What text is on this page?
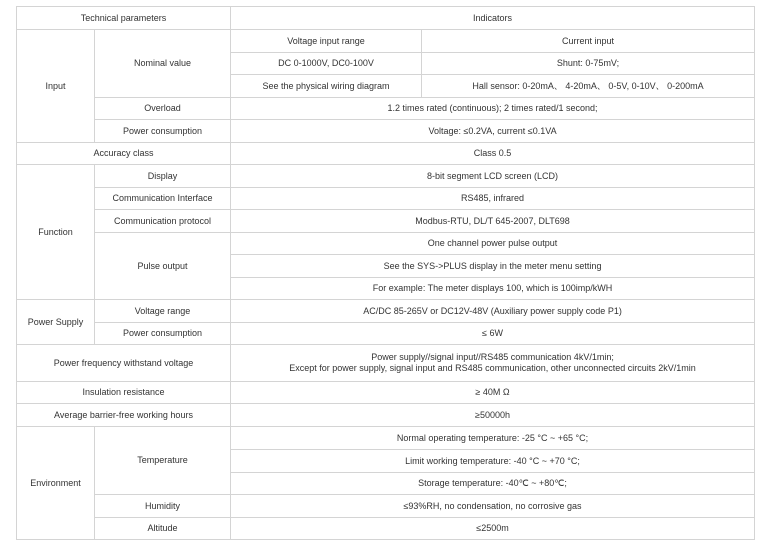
Technical parameters		Indicators	
Input	Nominal value	Voltage input range	Current input
		DC 0-1000V, DC0-100V	Shunt: 0-75mV;
		See the physical wiring diagram	Hall sensor: 0-20mA、 4-20mA、 0-5V, 0-10V、 0-200mA
	Overload	1.2 times rated (continuous); 2 times rated/1 second;	
	Power consumption	Voltage: ≤0.2VA, current ≤0.1VA	
Accuracy class		Class 0.5	
Function	Display	8-bit segment LCD screen (LCD)	
	Communication Interface	RS485, infrared	
	Communication protocol	Modbus-RTU, DL/T 645-2007, DLT698	
	Pulse output	One channel power pulse output	
		See the SYS->PLUS display in the meter menu setting	
		For example: The meter displays 100, which is 100imp/kWH	
Power Supply	Voltage range	AC/DC 85-265V or DC12V-48V (Auxiliary power supply code P1)	
	Power consumption	≤ 6W	
Power frequency withstand voltage		Power supply//signal input//RS485 communication 4kV/1min;
Except for power supply, signal input and RS485 communication, other unconnected circuits 2kV/1min	

Insulation resistance		≥ 40M Ω	
Average barrier-free working hours		≥50000h	
Environment	Temperature	Normal operating temperature: -25 °C ~ +65 °C;	
		Limit working temperature: -40 °C ~ +70 °C;	
		Storage temperature: -40℃ ~ +80℃;	
	Humidity	≤93%RH, no condensation, no corrosive gas	
	Altitude	≤2500m	
